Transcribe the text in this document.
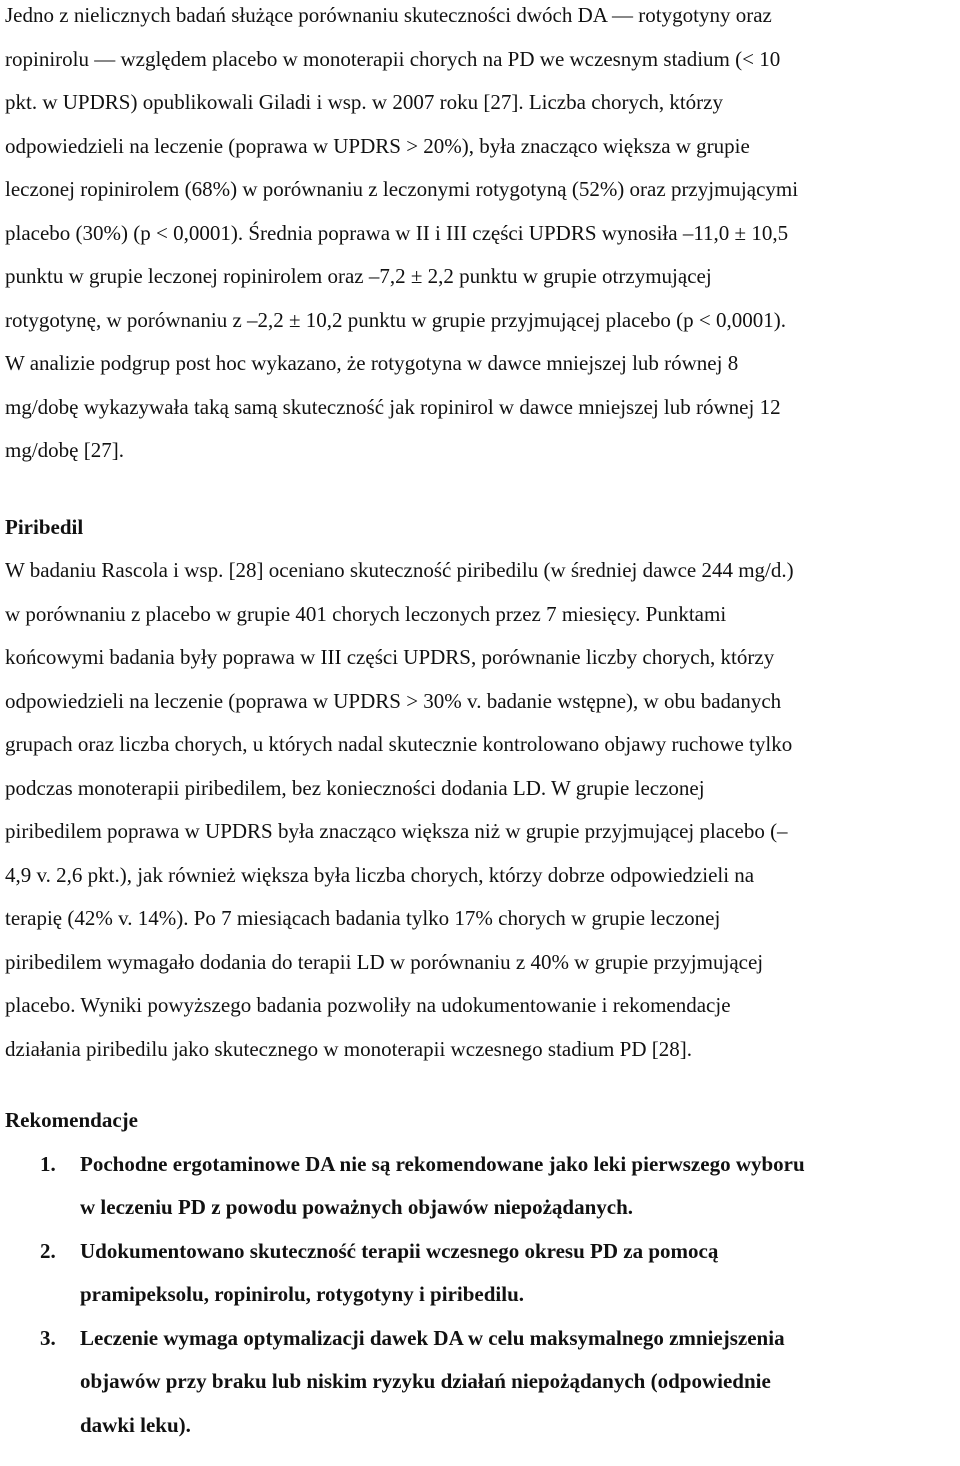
Jedno z nielicznych badań służące porównaniu skuteczności dwóch DA — rotygotyny oraz
ropinirolu — względem placebo w monoterapii chorych na PD we wczesnym stadium (< 10
pkt. w UPDRS) opublikowali Giladi i wsp. w 2007 roku [27]. Liczba chorych, którzy
odpowiedzieli na leczenie (poprawa w UPDRS > 20%), była znacząco większa w grupie
leczonej ropinirolem (68%) w porównaniu z leczonymi rotygotyną (52%) oraz przyjmującymi
placebo (30%) (p < 0,0001). Średnia poprawa w II i III części UPDRS wynosiła –11,0 ± 10,5
punktu w grupie leczonej ropinirolem oraz –7,2 ± 2,2 punktu w grupie otrzymującej
rotygotynę, w porównaniu z –2,2 ± 10,2 punktu w grupie przyjmującej placebo (p < 0,0001).
W analizie podgrup post hoc wykazano, że rotygotyna w dawce mniejszej lub równej 8
mg/dobę wykazywała taką samą skuteczność jak ropinirol w dawce mniejszej lub równej 12
mg/dobę [27].
Piribedil
W badaniu Rascola i wsp. [28] oceniano skuteczność piribedilu (w średniej dawce 244 mg/d.)
w porównaniu z placebo w grupie 401 chorych leczonych przez 7 miesięcy. Punktami
końcowymi badania były poprawa w III części UPDRS, porównanie liczby chorych, którzy
odpowiedzieli na leczenie (poprawa w UPDRS > 30% v. badanie wstępne), w obu badanych
grupach oraz liczba chorych, u których nadal skutecznie kontrolowano objawy ruchowe tylko
podczas monoterapii piribedilem, bez konieczności dodania LD. W grupie leczonej
piribedilem poprawa w UPDRS była znacząco większa niż w grupie przyjmującej placebo (–
4,9 v. 2,6 pkt.), jak również większa była liczba chorych, którzy dobrze odpowiedzieli na
terapię (42% v. 14%). Po 7 miesiącach badania tylko 17% chorych w grupie leczonej
piribedilem wymagało dodania do terapii LD w porównaniu z 40% w grupie przyjmującej
placebo. Wyniki powyższego badania pozwoliły na udokumentowanie i rekomendacje
działania piribedilu jako skutecznego w monoterapii wczesnego stadium PD [28].
Rekomendacje
1. Pochodne ergotaminowe DA nie są rekomendowane jako leki pierwszego wyboru
w leczeniu PD z powodu poważnych objawów niepożądanych.
2. Udokumentowano skuteczność terapii wczesnego okresu PD za pomocą
pramipeksolu, ropinirolu, rotygotyny i piribedilu.
3. Leczenie wymaga optymalizacji dawek DA w celu maksymalnego zmniejszenia
objawów przy braku lub niskim ryzyku działań niepożądanych (odpowiednie
dawki leku).
